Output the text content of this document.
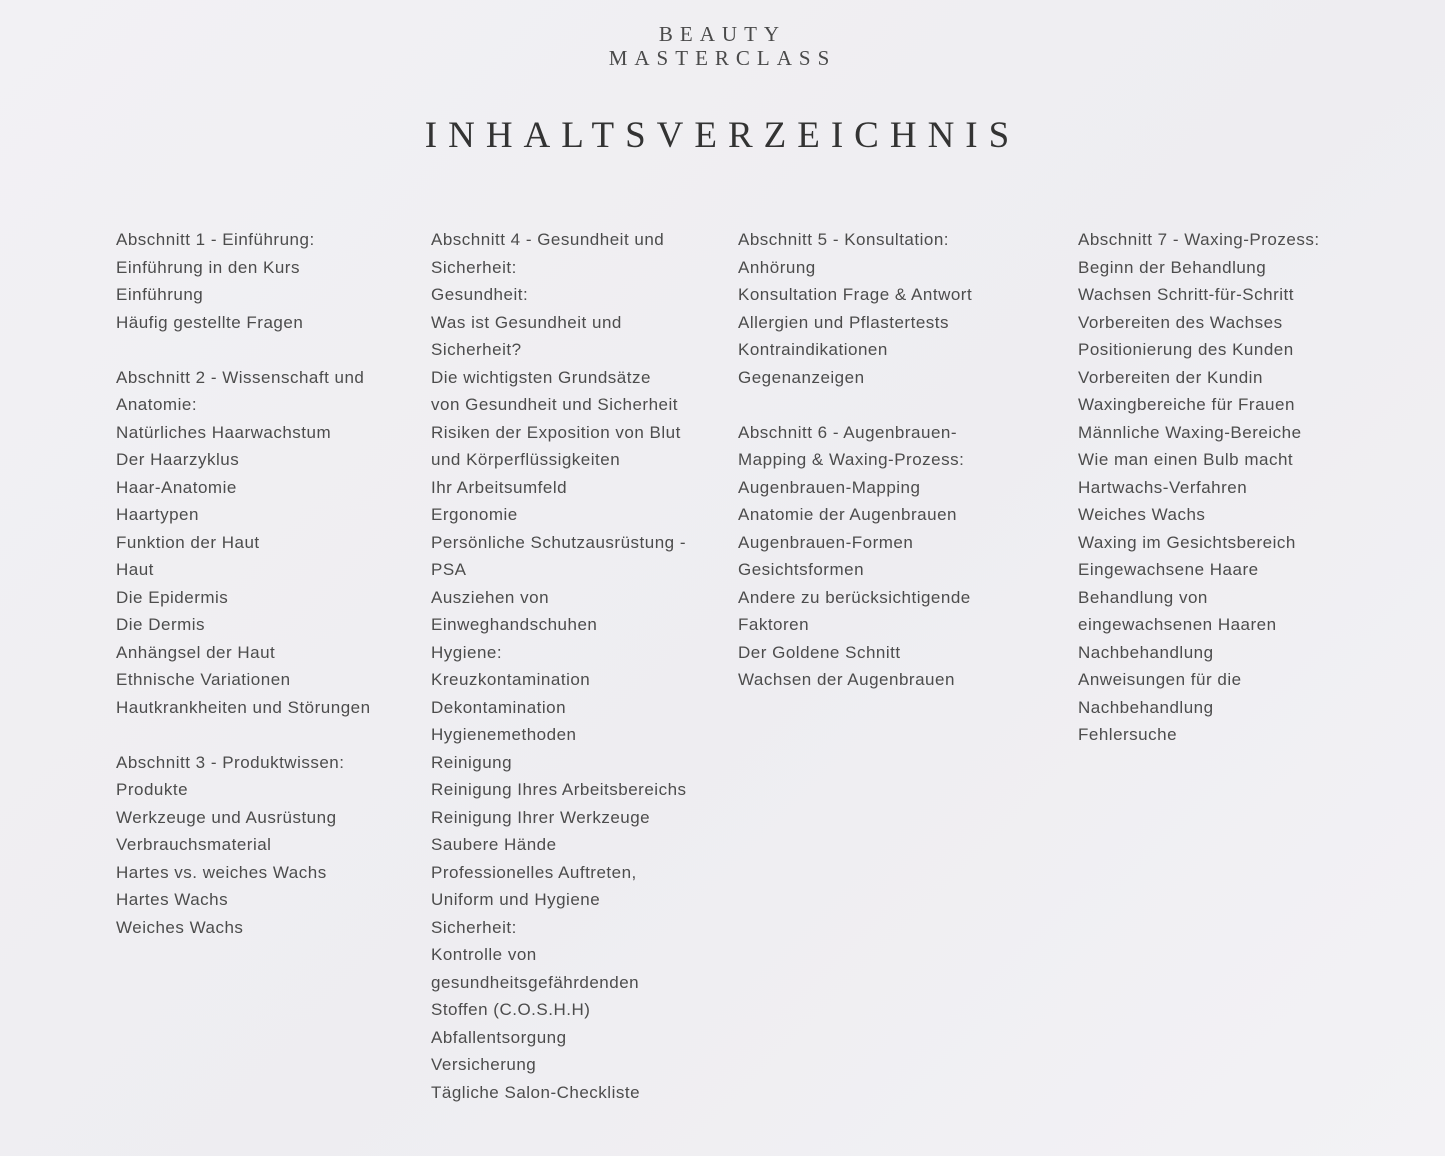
BEAUTY
MASTERCLASS
INHALTSVERZEICHNIS
Abschnitt 1 - Einführung:
Einführung in den Kurs
Einführung
Häufig gestellte Fragen
Abschnitt 2 - Wissenschaft und
Anatomie:
Natürliches Haarwachstum
Der Haarzyklus
Haar-Anatomie
Haartypen
Funktion der Haut
Haut
Die Epidermis
Die Dermis
Anhängsel der Haut
Ethnische Variationen
Hautkrankheiten und Störungen
Abschnitt 3 - Produktwissen:
Produkte
Werkzeuge und Ausrüstung
Verbrauchsmaterial
Hartes vs. weiches Wachs
Hartes Wachs
Weiches Wachs
Abschnitt 4 - Gesundheit und
Sicherheit:
Gesundheit:
Was ist Gesundheit und
Sicherheit?
Die wichtigsten Grundsätze
von Gesundheit und Sicherheit
Risiken der Exposition von Blut
und Körperflüssigkeiten
Ihr Arbeitsumfeld
Ergonomie
Persönliche Schutzausrüstung -
PSA
Ausziehen von
Einweghandschuhen
Hygiene:
Kreuzkontamination
Dekontamination
Hygienemethoden
Reinigung
Reinigung Ihres Arbeitsbereichs
Reinigung Ihrer Werkzeuge
Saubere Hände
Professionelles Auftreten,
Uniform und Hygiene
Sicherheit:
Kontrolle von
gesundheitsgefährdenden
Stoffen (C.O.S.H.H)
Abfallentsorgung
Versicherung
Tägliche Salon-Checkliste
Abschnitt 5 - Konsultation:
Anhörung
Konsultation Frage & Antwort
Allergien und Pflastertests
Kontraindikationen
Gegenanzeigen
Abschnitt 6 - Augenbrauen-
Mapping & Waxing-Prozess:
Augenbrauen-Mapping
Anatomie der Augenbrauen
Augenbrauen-Formen
Gesichtsformen
Andere zu berücksichtigende
Faktoren
Der Goldene Schnitt
Wachsen der Augenbrauen
Abschnitt 7 - Waxing-Prozess:
Beginn der Behandlung
Wachsen Schritt-für-Schritt
Vorbereiten des Wachses
Positionierung des Kunden
Vorbereiten der Kundin
Waxingbereiche für Frauen
Männliche Waxing-Bereiche
Wie man einen Bulb macht
Hartwachs-Verfahren
Weiches Wachs
Waxing im Gesichtsbereich
Eingewachsene Haare
Behandlung von
eingewachsenen Haaren
Nachbehandlung
Anweisungen für die
Nachbehandlung
Fehlersuche
